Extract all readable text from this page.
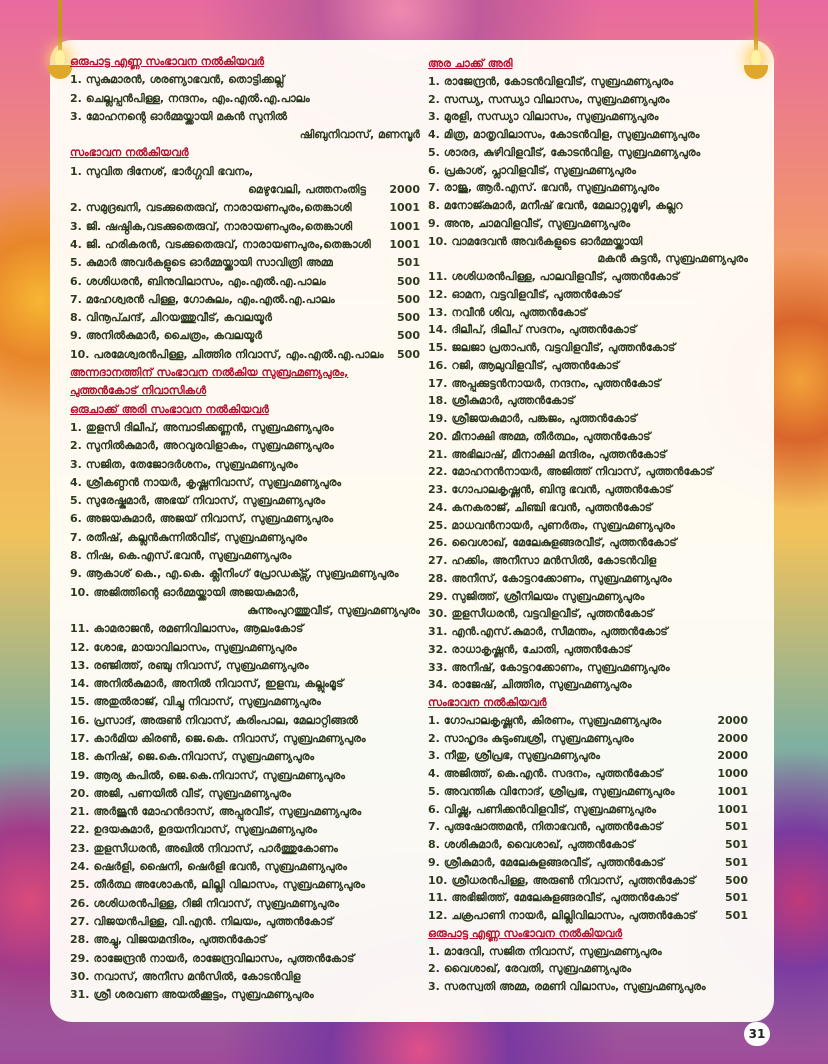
ഒരുപാട്ട എണ്ണ സംഭാവന നൽകിയവർ
1. സുകുമാരൻ, ശരണ്യാഭവൻ, തൊട്ടിക്കല്ല്
2. ചെല്ലപ്പൻപിള്ള, നന്ദനം, എം.എൽ.എ.പാലം
3. മോഹനന്റെ ഓർമ്മയ്ക്കായി മകൻ സുനിൽ
ഷിബുനിവാസ്, മണമ്പൂർ
സംഭാവന നൽകിയവർ
1. സുവിത ദിനേശ്, ഭാർഗ്ഗവി ഭവനം,
മെഴുവേലി, പത്തനംതിട്ട 2000
2. സമുദ്രഖനി, വടക്കുതെരുവ്, നാരായണപുരം,തെങ്കാശി	1001
3. ജി. ഷഷ്ഠിക,വടക്കുതെരുവ്, നാരായണപുരം,തെങ്കാശി	1001
4. ജി. ഹരികരൻ, വടക്കുതെരുവ്, നാരായണപുരം,തെങ്കാശി	1001
5. കുമാർ അവർകളുടെ ഓർമ്മയ്ക്കായി സാവിത്രി അമ്മ	501
6. ശശിധരൻ, ബിനുവിലാസം, എം.എൽ.എ.പാലം	500
7. മഹേശ്വരൻ പിള്ള, ഗോകുലം, എം.എൽ.എ.പാലം	500
8. വിനൂപ്ചന്ദ്, ചിറയത്തുവീട്, കവലയൂർ	500
9. അനിൽകുമാർ, ചൈത്രം, കവലയൂർ	500
10. പരമേശ്വരൻപിള്ള, ചിത്തിര നിവാസ്, എം.എൽ.എ.പാലം	500
അന്നദാനത്തിന് സംഭാവന നൽകിയ സുബ്രഹ്മണ്യപുരം,
പുത്തൻകോട് നിവാസികൾ
ഒരുചാക്ക് അരി സംഭാവന നൽകിയവർ
1. തുളസി ദിലീപ്, അമ്പാടിക്കണ്ണൻ, സുബ്രഹ്മണ്യപുരം
2. സുനിൽകുമാർ, അറവുരവിളാകം, സുബ്രഹ്മണ്യപുരം
3. സജിത, തേജോദർശനം, സുബ്രഹ്മണ്യപുരം
4. ശ്രീകണ്ഠൻ നായർ, കൃഷ്ണനിവാസ്, സുബ്രഹ്മണ്യപുരം
5. സുരേഷ്കുമാർ, അഭയ് നിവാസ്, സുബ്രഹ്മണ്യപുരം
6. അജയകുമാർ, അജയ് നിവാസ്, സുബ്രഹ്മണ്യപുരം
7. രതീഷ്, കല്ലൻകുന്നിൽവീട്, സുബ്രഹ്മണ്യപുരം
8. നിഷ, കെ.എസ്.ഭവൻ, സുബ്രഹ്മണ്യപുരം
9. ആകാശ് കെ., എ.കെ. ക്ലീനിംഗ് പ്രോഡക്ട്സ്, സുബ്രഹ്മണ്യപുരം
10. അജിത്തിന്റെ ഓർമ്മയ്ക്കായി അജയകുമാർ,
കുന്നുംപുറത്തുവീട്, സുബ്രഹ്മണ്യപുരം
11. കാമരാജൻ, രമണിവിലാസം, ആലംകോട്
12. ശോഭ, മായാവിലാസം, സുബ്രഹ്മണ്യപുരം
13. രഞ്ജിത്ത്, രഞ്ചു നിവാസ്, സുബ്രഹ്മണ്യപുരം
14. അനിൽകുമാർ, അനിൽ നിവാസ്, ഇളമ്പ, കല്ലുംമൂട്
15. അതുൽരാജ്, വിച്ചു നിവാസ്, സുബ്രഹ്മണ്യപുരം
16. പ്രസാദ്, അരുൺ നിവാസ്, കരിംപാല, മേലാറ്റിങ്ങൽ
17. കാർമിയ കിരൺ, ജെ.കെ. നിവാസ്, സുബ്രഹ്മണ്യപുരം
18. കനിഷ്, ജെ.കെ.നിവാസ്, സുബ്രഹ്മണ്യപുരം
19. ആര്യ കപിൽ, ജെ.കെ.നിവാസ്, സുബ്രഹ്മണ്യപുരം
20. അജി, പണയിൽ വീട്, സുബ്രഹ്മണ്യപുരം
21. അർജുൻ മോഹൻദാസ്, അപ്പുരവീട്, സുബ്രഹ്മണ്യപുരം
22. ഉദയകുമാർ, ഉദയനിവാസ്, സുബ്രഹ്മണ്യപുരം
23. തുളസീധരൻ, അഖിൽ നിവാസ്, പാർത്തുകോണം
24. ഷെർളി, ഷൈനി, ഷെർളി ഭവൻ, സുബ്രഹ്മണ്യപുരം
25. തീർത്ഥ അശോകൻ, ലില്ലി വിലാസം, സുബ്രഹ്മണ്യപുരം
26. ശശിധരൻപിള്ള, റിജി നിവാസ്, സുബ്രഹ്മണ്യപുരം
27. വിജയൻപിള്ള, വി.എൻ. നിലയം, പുത്തൻകോട്
28. അച്ചു, വിജയമന്ദിരം, പുത്തൻകോട്
29. രാജേന്ദ്രൻ നായർ, രാജേന്ദ്രവിലാസം, പുത്തൻകോട്
30. നവാസ്, അനീസ മൻസിൽ, കോടൻവിള
31. ശ്രീ ശരവണ അയൽക്കൂട്ടം, സുബ്രഹ്മണ്യപുരം
അര ചാക്ക് അരി
1. രാജേന്ദ്രൻ, കോടൻവിളവീട്, സുബ്രഹ്മണ്യപുരം
2. സന്ധ്യ, സന്ധ്യാ വിലാസം, സുബ്രഹ്മണ്യപുരം
3. മുരളി, സന്ധ്യാ വിലാസം, സുബ്രഹ്മണ്യപുരം
4. മിത്ര, മാതൃവിലാസം, കോടൻവിള, സുബ്രഹ്മണ്യപുരം
5. ശാരദ, കുഴിവിളവീട്, കോടൻവിള, സുബ്രഹ്മണ്യപുരം
6. പ്രകാശ്, പ്ലാവിളവീട്, സുബ്രഹ്മണ്യപുരം
7. രാജു, ആർ.എസ്. ഭവൻ, സുബ്രഹ്മണ്യപുരം
8. മനോജ്കുമാർ, മനീഷ് ഭവൻ, മേലാറ്റുമൂഴി, കല്ലറ
9. അനു, ചാമവിളവീട്, സുബ്രഹ്മണ്യപുരം
10. വാമദേവൻ അവർകളുടെ ഓർമ്മയ്ക്കായി
മകൻ കുട്ടൻ, സുബ്രഹ്മണ്യപുരം
11. ശശിധരൻപിള്ള, പാലവിളവീട്, പുത്തൻകോട്
12. ഓമന, വട്ടവിളവീട്, പുത്തൻകോട്
13. നവീൻ ശിവ, പുത്തൻകോട്
14. ദിലീപ്, ദിലീപ് സദനം, പുത്തൻകോട്
15. ജലജാ പ്രതാപൻ, വട്ടവിളവീട്, പുത്തൻകോട്
16. റജി, ആലുവിളവീട്, പുത്തൻകോട്
17. അപ്പുക്കുട്ടൻനായർ, നന്ദനം, പുത്തൻകോട്
18. ശ്രീകുമാർ, പുത്തൻകോട്
19. ശ്രീജയകുമാർ, പങ്കജം, പുത്തൻകോട്
20. മീനാക്ഷി അമ്മ, തീർത്ഥം, പുത്തൻകോട്
21. അഭിലാഷ്, മീനാക്ഷി മന്ദിരം, പുത്തൻകോട്
22. മോഹനൻനായർ, അജിത്ത് നിവാസ്, പുത്തൻകോട്
23. ഗോപാലകൃഷ്ണൻ, ബിന്ദു ഭവൻ, പുത്തൻകോട്
24. കനകരാജ്, ചിഞ്ചി ഭവൻ, പുത്തൻകോട്
25. മാധവൻനായർ, പുണർതം, സുബ്രഹ്മണ്യപുരം
26. വൈശാഖ്, മേലേകുളങ്ങരവീട്, പുത്തൻകോട്
27. ഹക്കിം, അനീസാ മൻസിൽ, കോടൻവിള
28. അനീസ്, കോട്ടറക്കോണം, സുബ്രഹ്മണ്യപുരം
29. സുജിത്ത്, ശ്രീനിലയം സുബ്രഹ്മണ്യപുരം
30. തുളസീധരൻ, വട്ടവിളവീട്, പുത്തൻകോട്
31. എൻ.എസ്.കുമാർ, സീമന്തം, പുത്തൻകോട്
32. രാധാകൃഷ്ണൻ, ചോതി, പുത്തൻകോട്
33. അനീഷ്, കോട്ടറക്കോണം, സുബ്രഹ്മണ്യപുരം
34. രാജേഷ്, ചിത്തിര, സുബ്രഹ്മണ്യപുരം
സംഭാവന നൽകിയവർ
1. ഗോപാലകൃഷ്ണൻ, കിരണം, സുബ്രഹ്മണ്യപുരം	2000
2. സാഹൃദം കുടുംബശ്രീ, സുബ്രഹ്മണ്യപുരം	2000
3. നീതു, ശ്രീപ്രഭ, സുബ്രഹ്മണ്യപുരം	2000
4. അജിത്ത്, കെ.എൻ. സദനം, പുത്തൻകോട്	1000
5. അവന്തിക വിനോദ്, ശ്രീപ്രഭ, സുബ്രഹ്മണ്യപുരം	1001
6. വിഷ്ണു, പണിക്കൻവിളവീട്, സുബ്രഹ്മണ്യപുരം	1001
7. പുരുഷോത്തമൻ, നിതാഭവൻ, പുത്തൻകോട്	501
8. ശശികുമാർ, വൈശാഖ്, പുത്തൻകോട്	501
9. ശ്രീകുമാർ, മേലേകുളങ്ങരവീട്, പുത്തൻകോട്	501
10. ശ്രീധരൻപിള്ള, അരുൺ നിവാസ്, പുത്തൻകോട്	500
11. അഭിജിത്ത്, മേലേകുളങ്ങരവീട്, പുത്തൻകോട്	501
12. ചക്രപാണി നായർ, ലില്ലിവിലാസം, പുത്തൻകോട്	501
ഒരുപാട്ട എണ്ണ സംഭാവന നൽകിയവർ
1. മാദേവി, സജിത നിവാസ്, സുബ്രഹ്മണ്യപുരം
2. വൈശാഖ്, രേവതി, സുബ്രഹ്മണ്യപുരം
3. സരസ്വതി അമ്മ, രമണി വിലാസം, സുബ്രഹ്മണ്യപുരം
31
